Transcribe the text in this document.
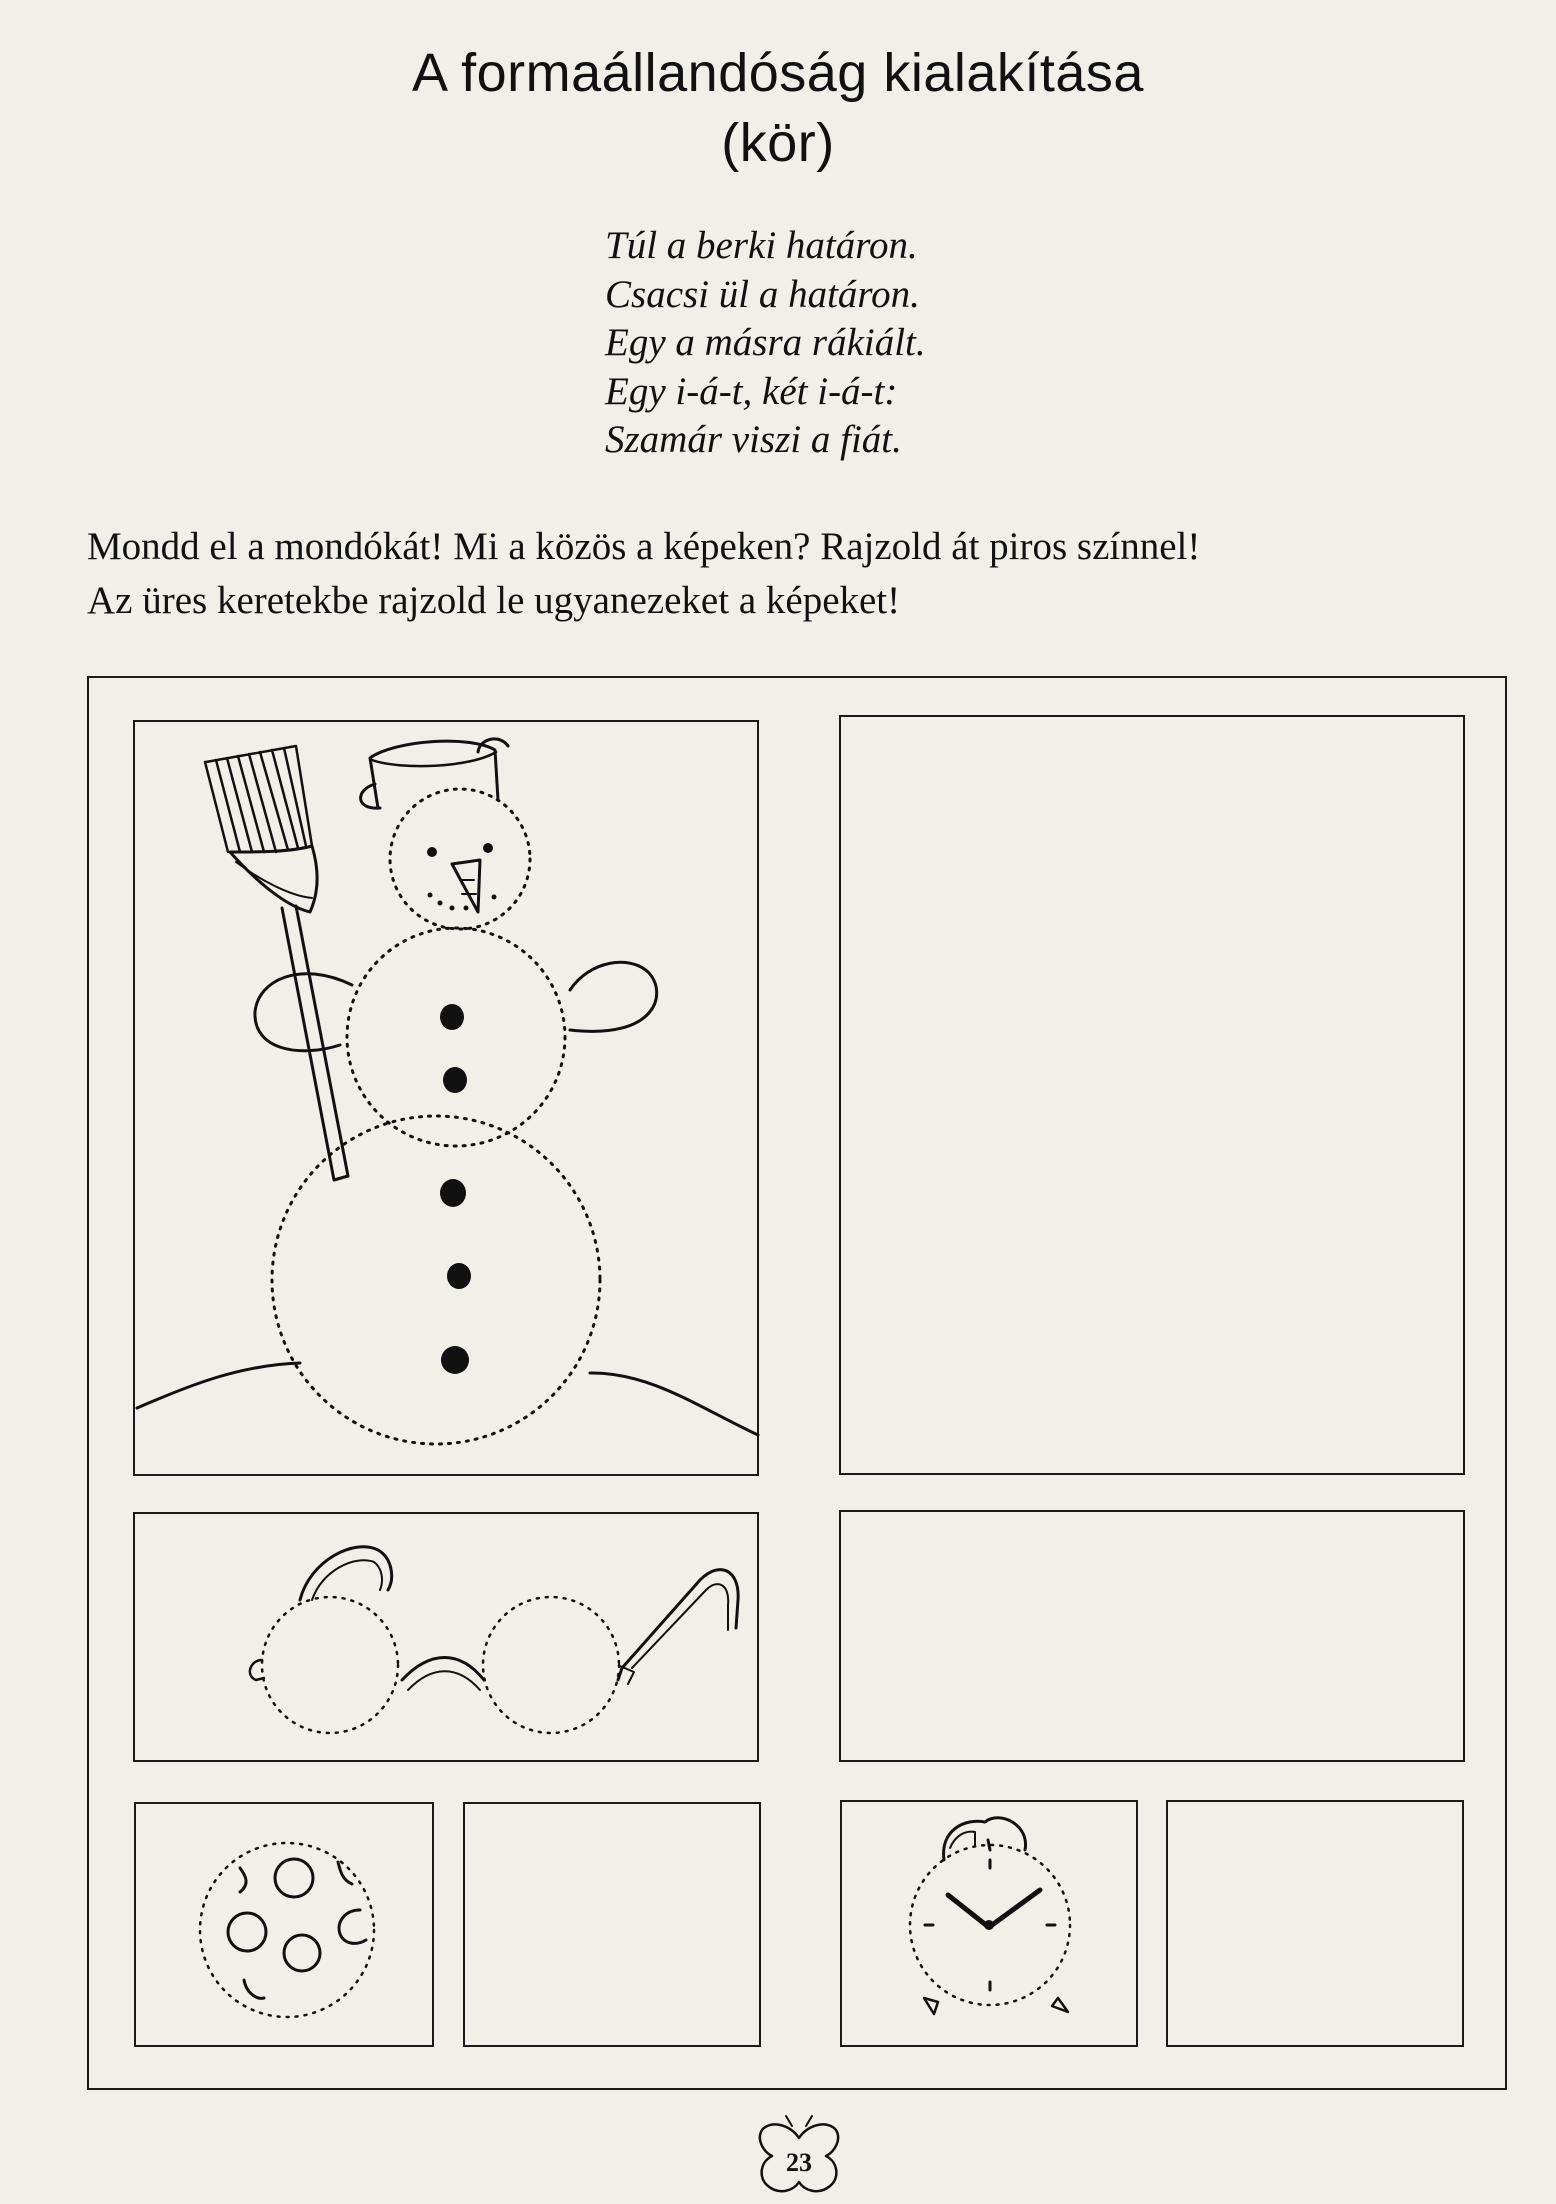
A formaállandóság kialakítása
(kör)
Túl a berki határon.
Csacsi ül a határon.
Egy a másra rákiált.
Egy i-á-t, két i-á-t:
Szamár viszi a fiát.
Mondd el a mondókát! Mi a közös a képeken? Rajzold át piros színnel!
Az üres keretekbe rajzold le ugyanezeket a képeket!
23
